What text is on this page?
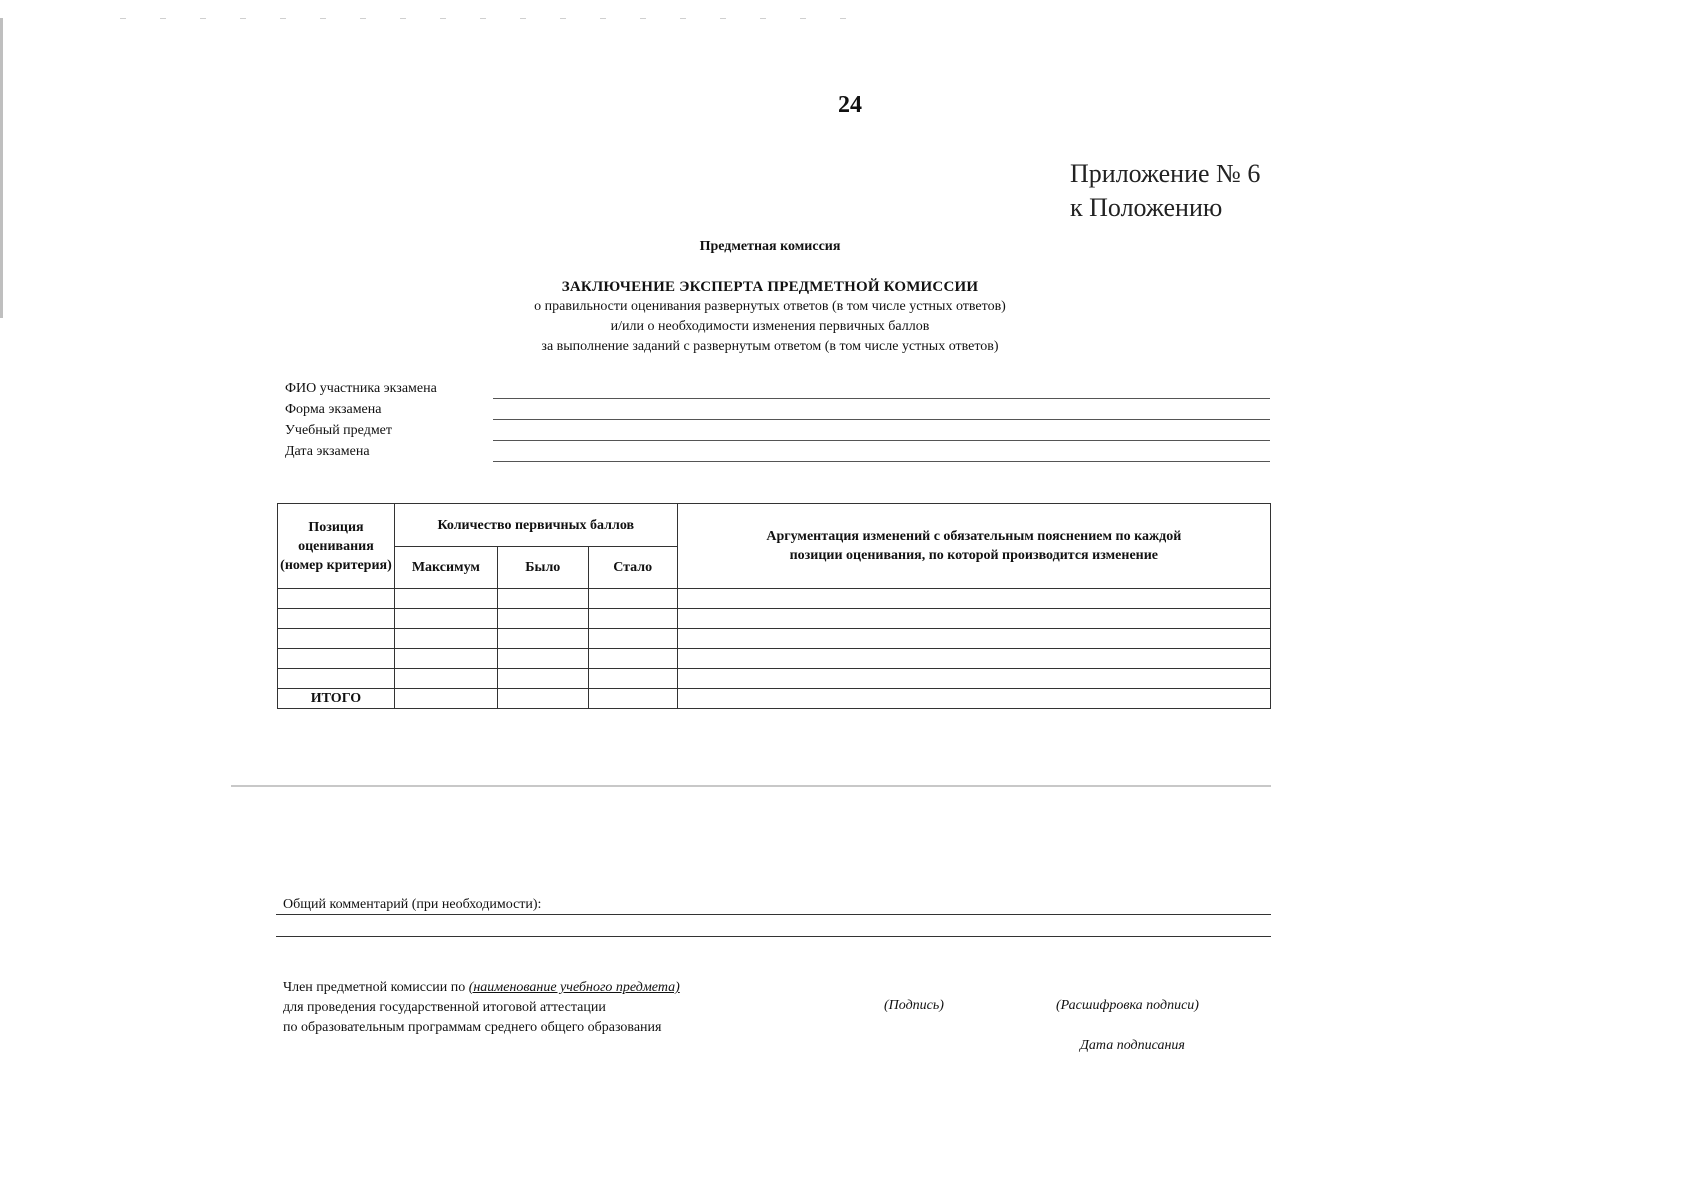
24
Приложение № 6
к Положению
Предметная комиссия
ЗАКЛЮЧЕНИЕ ЭКСПЕРТА ПРЕДМЕТНОЙ КОМИССИИ
о правильности оценивания развернутых ответов (в том числе устных ответов)
и/или о необходимости изменения первичных баллов
за выполнение заданий с развернутым ответом (в том числе устных ответов)
ФИО участника экзамена
Форма экзамена
Учебный предмет
Дата экзамена
Позиция оценивания (номер критерия)	Количество первичных баллов			Аргументация изменений с обязательным пояснением по каждой позиции оценивания, по которой производится изменение
	Максимум	Было	Стало	

ИТОГО				
Общий комментарий (при необходимости):
Член предметной комиссии по (наименование учебного предмета)
для проведения государственной итоговой аттестации
по образовательным программам среднего общего образования
(Подпись)	(Расшифровка подписи)
Дата подписания
